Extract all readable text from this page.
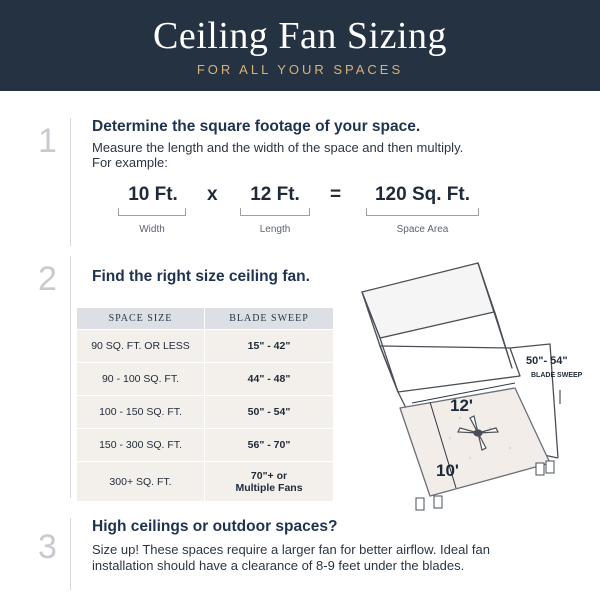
Ceiling Fan Sizing
FOR ALL YOUR SPACES
1 Determine the square footage of your space.
Measure the length and the width of the space and then multiply.
For example:
10 Ft.	x	12 Ft.	=	120 Sq. Ft.
Width	Length	Space Area
2 Find the right size ceiling fan.
SPACE SIZE	BLADE SWEEP
90 SQ. FT. OR LESS	15" - 42"
90 - 100 SQ. FT.	44" - 48"
100 - 150 SQ. FT.	50" - 54"
150 - 300 SQ. FT.	56" - 70"
300+ SQ. FT.	70"+ or
Multiple Fans
50"- 54"
BLADE SWEEP
12'
10'
3
High ceilings or outdoor spaces?
Size up! These spaces require a larger fan for better airflow. Ideal fan
installation should have a clearance of 8-9 feet under the blades.
